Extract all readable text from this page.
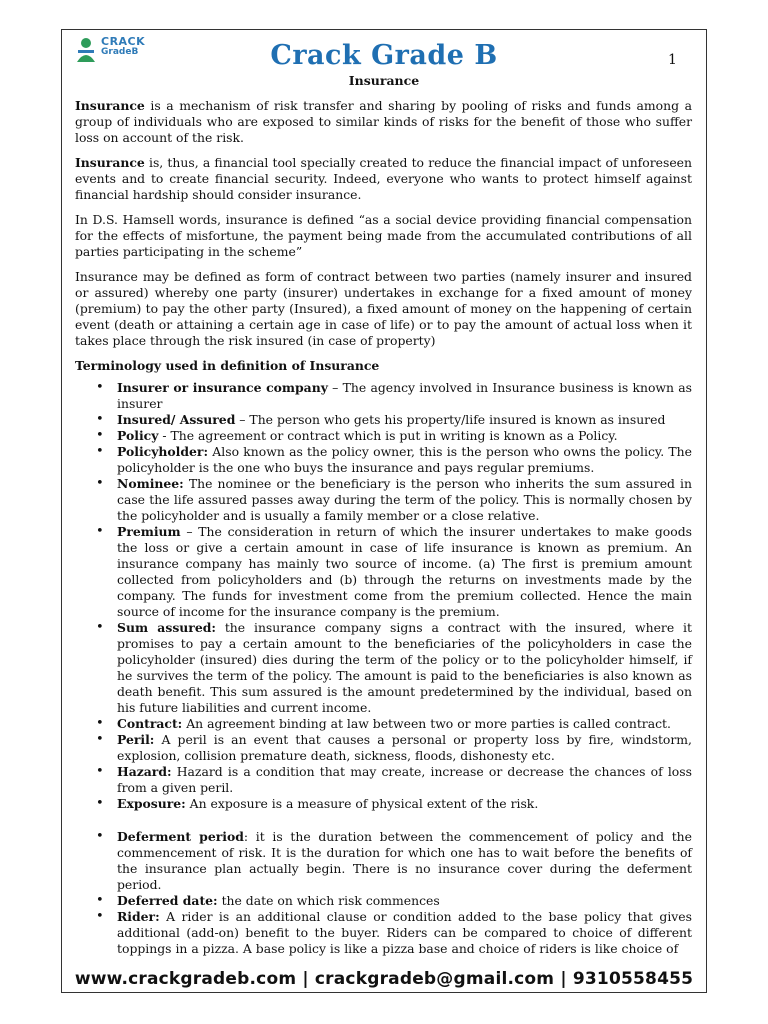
CRACK
GradeB	Crack Grade B	1
Insurance

Insurance is a mechanism of risk transfer and sharing by pooling of risks and funds among a group of individuals who are exposed to similar kinds of risks for the benefit of those who suffer loss on account of the risk.

Insurance is, thus, a financial tool specially created to reduce the financial impact of unforeseen events and to create financial security. Indeed, everyone who wants to protect himself against financial hardship should consider insurance.

In D.S. Hamsell words, insurance is defined “as a social device providing financial compensation for the effects of misfortune, the payment being made from the accumulated contributions of all parties participating in the scheme”

Insurance may be defined as form of contract between two parties (namely insurer and insured or assured) whereby one party (insurer) undertakes in exchange for a fixed amount of money (premium) to pay the other party (Insured), a fixed amount of money on the happening of certain event (death or attaining a certain age in case of life) or to pay the amount of actual loss when it takes place through the risk insured (in case of property)

Terminology used in definition of Insurance
• Insurer or insurance company – The agency involved in Insurance business is known as insurer
• Insured/ Assured – The person who gets his property/life insured is known as insured
• Policy - The agreement or contract which is put in writing is known as a Policy.
• Policyholder: Also known as the policy owner, this is the person who owns the policy. The policyholder is the one who buys the insurance and pays regular premiums.
• Nominee: The nominee or the beneficiary is the person who inherits the sum assured in case the life assured passes away during the term of the policy. This is normally chosen by the policyholder and is usually a family member or a close relative.
• Premium – The consideration in return of which the insurer undertakes to make goods the loss or give a certain amount in case of life insurance is known as premium. An insurance company has mainly two source of income. (a) The first is premium amount collected from policyholders and (b) through the returns on investments made by the company. The funds for investment come from the premium collected. Hence the main source of income for the insurance company is the premium.
• Sum assured: the insurance company signs a contract with the insured, where it promises to pay a certain amount to the beneficiaries of the policyholders in case the policyholder (insured) dies during the term of the policy or to the policyholder himself, if he survives the term of the policy. The amount is paid to the beneficiaries is also known as death benefit. This sum assured is the amount predetermined by the individual, based on his future liabilities and current income.
• Contract: An agreement binding at law between two or more parties is called contract.
• Peril: A peril is an event that causes a personal or property loss by fire, windstorm, explosion, collision premature death, sickness, floods, dishonesty etc.
• Hazard: Hazard is a condition that may create, increase or decrease the chances of loss from a given peril.
• Exposure: An exposure is a measure of physical extent of the risk.
• Deferment period: it is the duration between the commencement of policy and the commencement of risk. It is the duration for which one has to wait before the benefits of the insurance plan actually begin. There is no insurance cover during the deferment period.
• Deferred date: the date on which risk commences
• Rider: A rider is an additional clause or condition added to the base policy that gives additional (add-on) benefit to the buyer. Riders can be compared to choice of different toppings in a pizza. A base policy is like a pizza base and choice of riders is like choice of
www.crackgradeb.com | crackgradeb@gmail.com | 9310558455
